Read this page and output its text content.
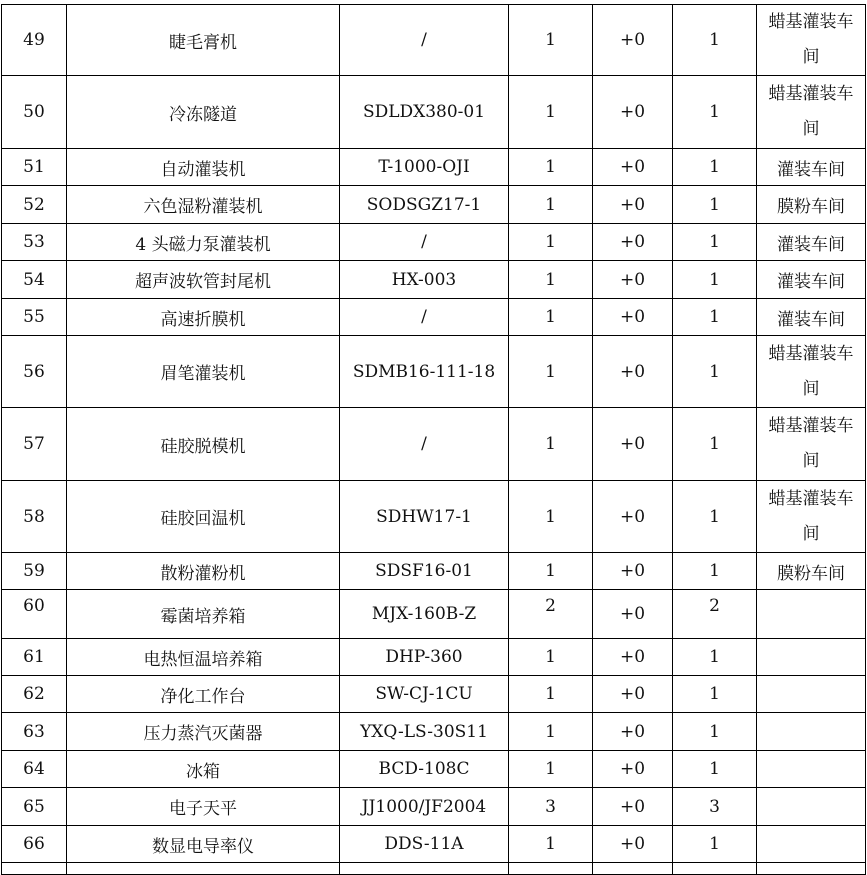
49	睫毛膏机	/	1	+0	1	蜡基灌装车间
50	冷冻隧道	SDLDX380-01	1	+0	1	蜡基灌装车间
51	自动灌装机	T-1000-OJI	1	+0	1	灌装车间
52	六色湿粉灌装机	SODSGZ17-1	1	+0	1	膜粉车间
53	4 头磁力泵灌装机	/	1	+0	1	灌装车间
54	超声波软管封尾机	HX-003	1	+0	1	灌装车间
55	高速折膜机	/	1	+0	1	灌装车间
56	眉笔灌装机	SDMB16-111-18	1	+0	1	蜡基灌装车间
57	硅胶脱模机	/	1	+0	1	蜡基灌装车间
58	硅胶回温机	SDHW17-1	1	+0	1	蜡基灌装车间
59	散粉灌粉机	SDSF16-01	1	+0	1	膜粉车间
60	霉菌培养箱	MJX-160B-Z	2	+0	2	
61	电热恒温培养箱	DHP-360	1	+0	1	
62	净化工作台	SW-CJ-1CU	1	+0	1	
63	压力蒸汽灭菌器	YXQ-LS-30S11	1	+0	1	
64	冰箱	BCD-108C	1	+0	1	
65	电子天平	JJ1000/JF2004	3	+0	3	
66	数显电导率仪	DDS-11A	1	+0	1	
